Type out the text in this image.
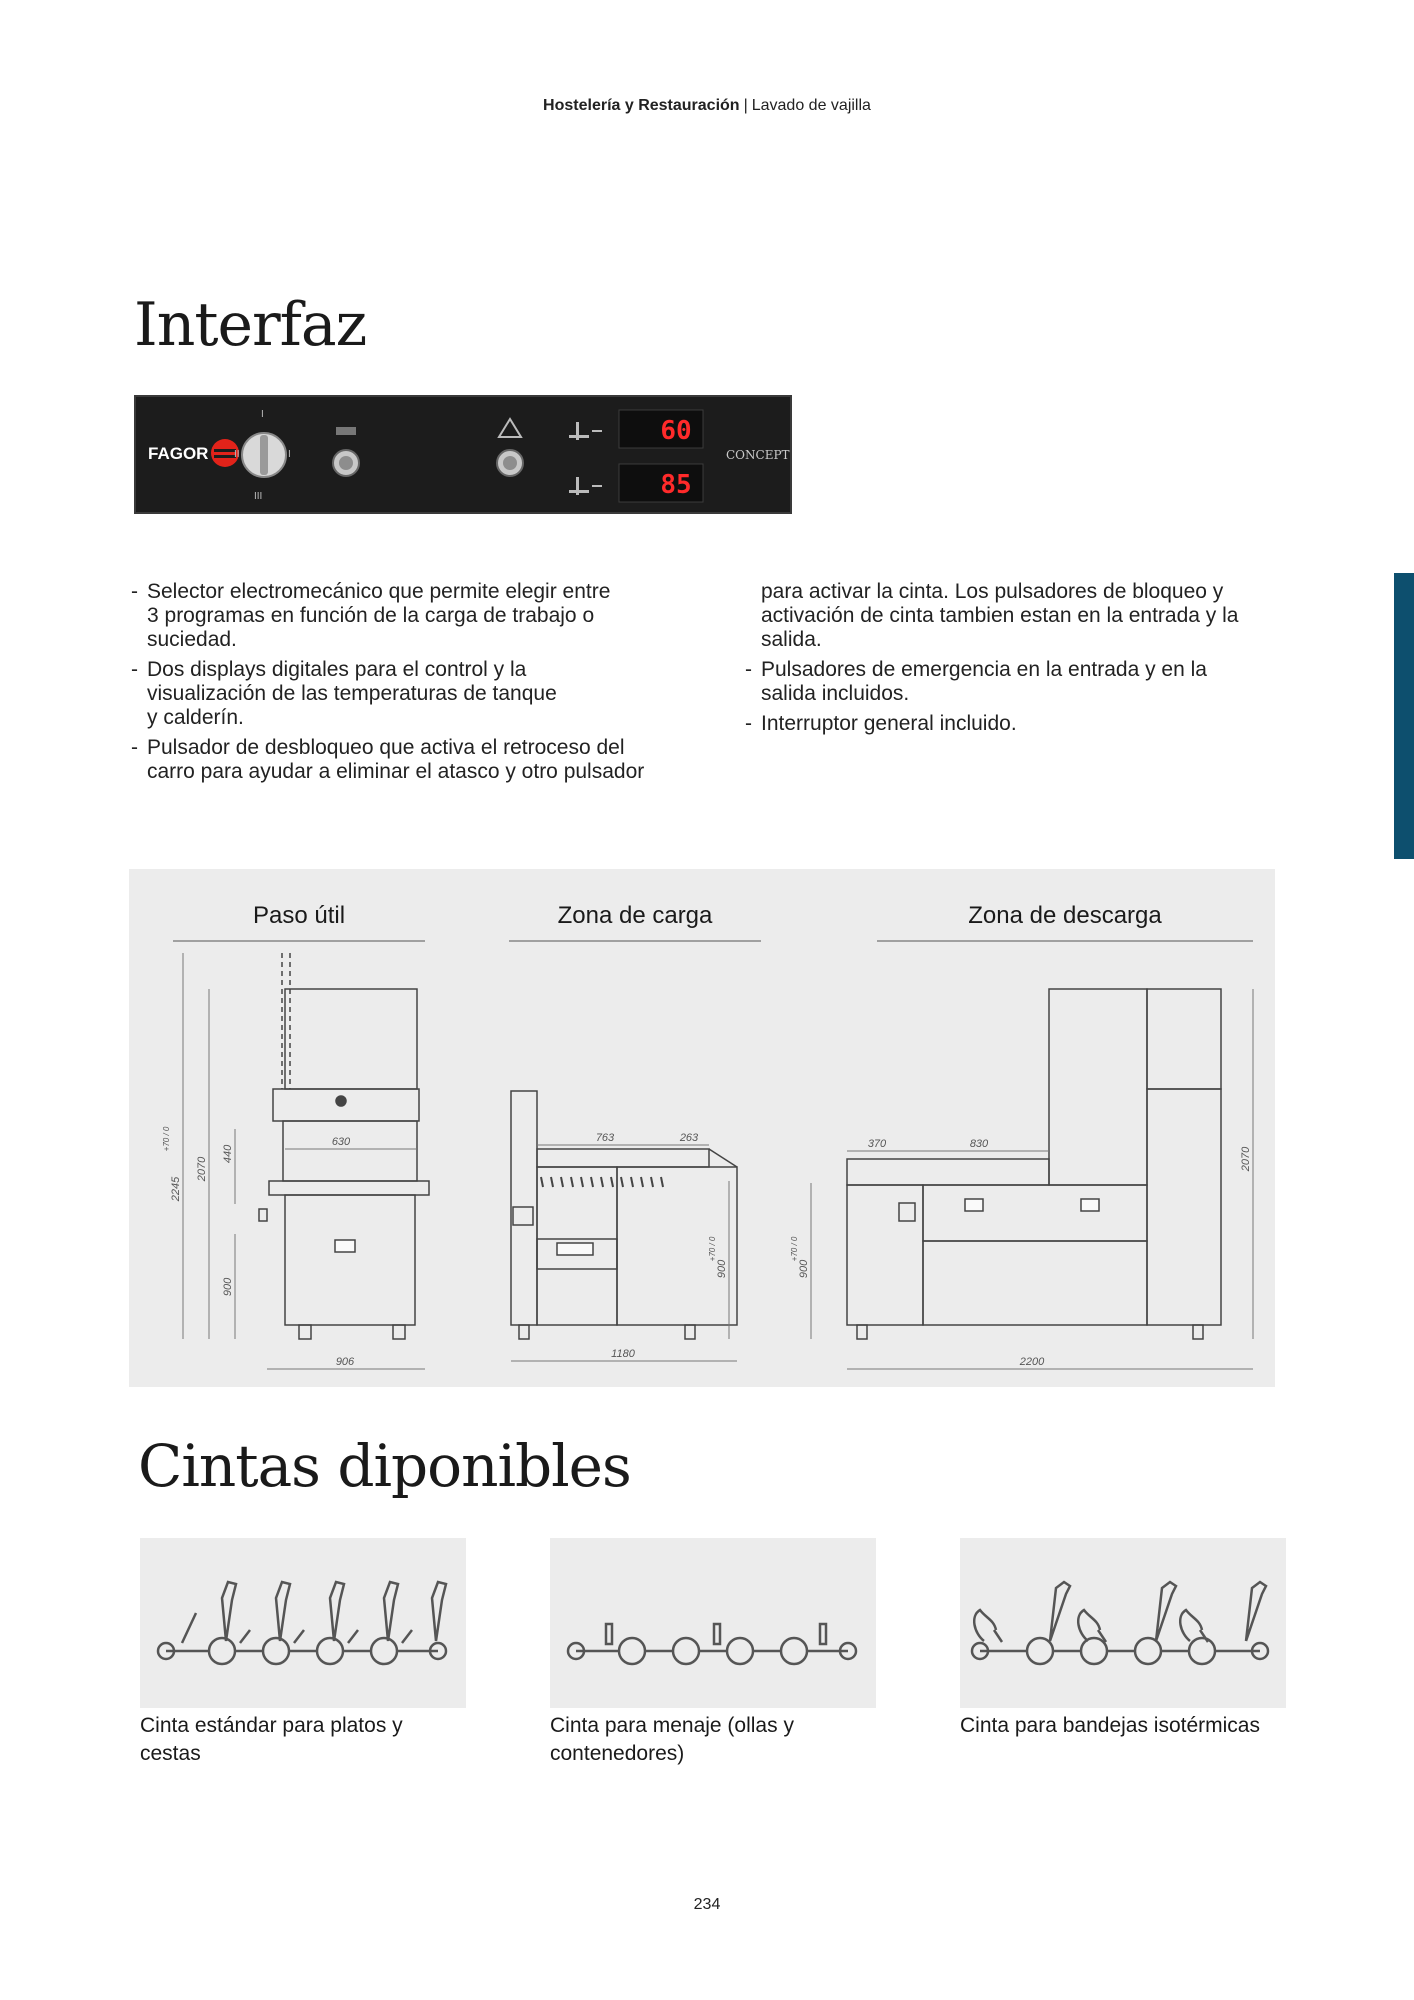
Hostelería y Restauración | Lavado de vajilla
Interfaz
FAGOR
I
II
III
I
60
85
CONCEPT
- Selector electromecánico que permite elegir entre
3 programas en función de la carga de trabajo o
suciedad.
- Dos displays digitales para el control y la
visualización de las temperaturas de tanque
y calderín.
- Pulsador de desbloqueo que activa el retroceso del
carro para ayudar a eliminar el atasco y otro pulsador
para activar la cinta. Los pulsadores de bloqueo y
activación de cinta tambien estan en la entrada y la
salida.
- Pulsadores de emergencia en la entrada y en la
salida incluidos.
- Interruptor general incluido.
Paso útil	Zona de carga	Zona de descarga
630
906
2245
2070
440
900
+70 / 0	763	263
1180
900
+70 / 0
370	830
2200
900
2070
+70 / 0
Cintas diponibles
Cinta estándar para platos y
cestas
Cinta para menaje (ollas y
contenedores)
Cinta para bandejas isotérmicas
234
